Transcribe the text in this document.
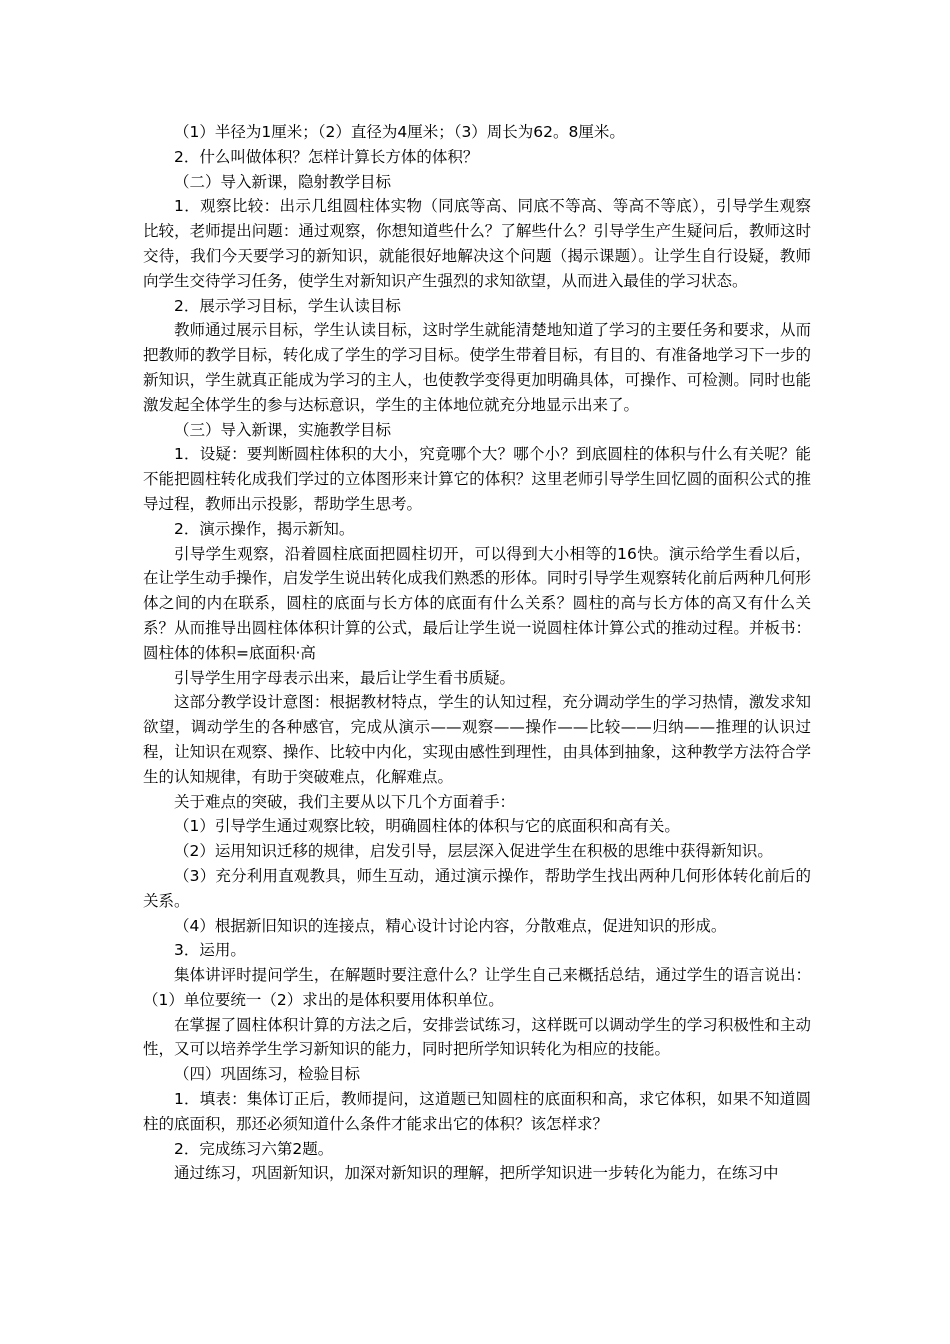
（1）半径为1厘米；（2）直径为4厘米；（3）周长为62。8厘米。

2．什么叫做体积？怎样计算长方体的体积？

（二）导入新课，隐射教学目标

1．观察比较：出示几组圆柱体实物（同底等高、同底不等高、等高不等底），引导学生观察比较，老师提出问题：通过观察，你想知道些什么？了解些什么？引导学生产生疑问后，教师这时交待，我们今天要学习的新知识，就能很好地解决这个问题（揭示课题）。让学生自行设疑，教师向学生交待学习任务，使学生对新知识产生强烈的求知欲望，从而进入最佳的学习状态。

2．展示学习目标，学生认读目标

教师通过展示目标，学生认读目标，这时学生就能清楚地知道了学习的主要任务和要求，从而把教师的教学目标，转化成了学生的学习目标。使学生带着目标，有目的、有准备地学习下一步的新知识，学生就真正能成为学习的主人，也使教学变得更加明确具体，可操作、可检测。同时也能激发起全体学生的参与达标意识，学生的主体地位就充分地显示出来了。

（三）导入新课，实施教学目标

1．设疑：要判断圆柱体积的大小，究竟哪个大？哪个小？到底圆柱的体积与什么有关呢？能不能把圆柱转化成我们学过的立体图形来计算它的体积？这里老师引导学生回忆圆的面积公式的推导过程，教师出示投影，帮助学生思考。

2．演示操作，揭示新知。

引导学生观察，沿着圆柱底面把圆柱切开，可以得到大小相等的16快。演示给学生看以后，在让学生动手操作，启发学生说出转化成我们熟悉的形体。同时引导学生观察转化前后两种几何形体之间的内在联系，圆柱的底面与长方体的底面有什么关系？圆柱的高与长方体的高又有什么关系？从而推导出圆柱体体积计算的公式，最后让学生说一说圆柱体计算公式的推动过程。并板书：圆柱体的体积=底面积·高

引导学生用字母表示出来，最后让学生看书质疑。

这部分教学设计意图：根据教材特点，学生的认知过程，充分调动学生的学习热情，激发求知欲望，调动学生的各种感官，完成从演示——观察——操作——比较——归纳——推理的认识过程，让知识在观察、操作、比较中内化，实现由感性到理性，由具体到抽象，这种教学方法符合学生的认知规律，有助于突破难点，化解难点。

关于难点的突破，我们主要从以下几个方面着手：

（1）引导学生通过观察比较，明确圆柱体的体积与它的底面积和高有关。

（2）运用知识迁移的规律，启发引导，层层深入促进学生在积极的思维中获得新知识。

（3）充分利用直观教具，师生互动，通过演示操作，帮助学生找出两种几何形体转化前后的关系。

（4）根据新旧知识的连接点，精心设计讨论内容，分散难点，促进知识的形成。

3．运用。

集体讲评时提问学生，在解题时要注意什么？让学生自己来概括总结，通过学生的语言说出：（1）单位要统一（2）求出的是体积要用体积单位。

在掌握了圆柱体积计算的方法之后，安排尝试练习，这样既可以调动学生的学习积极性和主动性，又可以培养学生学习新知识的能力，同时把所学知识转化为相应的技能。

（四）巩固练习，检验目标

1．填表：集体订正后，教师提问，这道题已知圆柱的底面积和高，求它体积，如果不知道圆柱的底面积，那还必须知道什么条件才能求出它的体积？该怎样求？

2．完成练习六第2题。

通过练习，巩固新知识，加深对新知识的理解，把所学知识进一步转化为能力，在练习中
